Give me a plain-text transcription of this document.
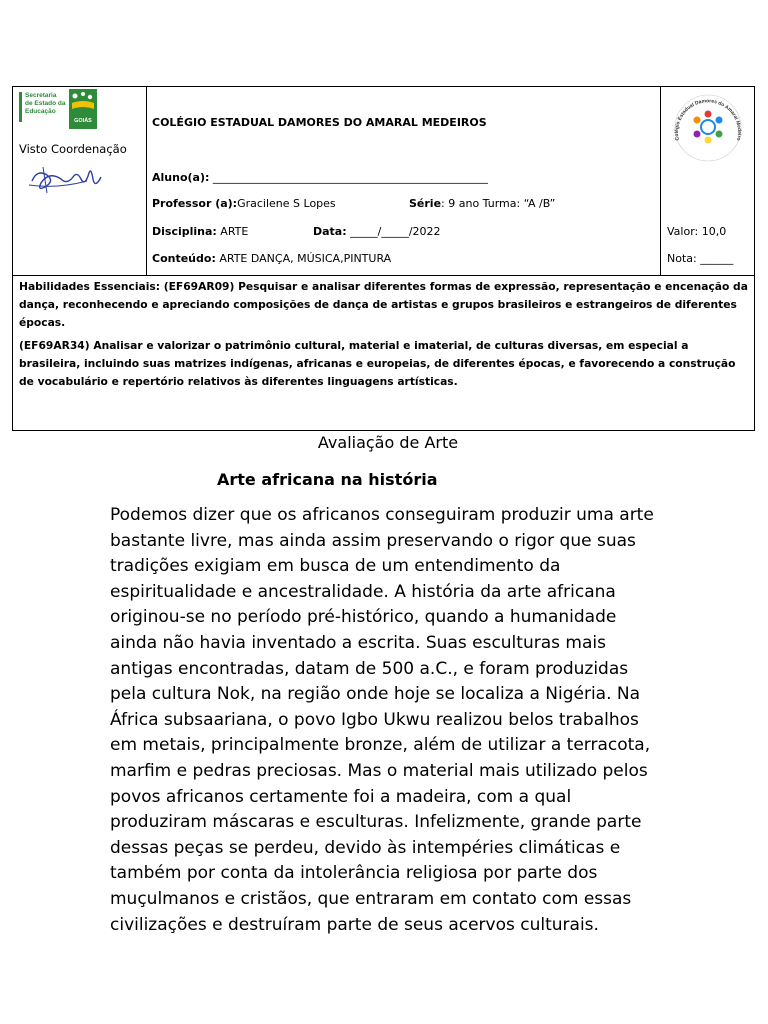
Secretaria
de Estado da
Educação
GOIÁS
Visto Coordenação
COLÉGIO ESTADUAL DAMORES DO AMARAL MEDEIROS
Aluno(a): __________________________________________________
Professor (a):Gracilene S Lopes	Série: 9 ano Turma: “A /B”
Disciplina: ARTE	Data: _____/_____/2022
Conteúdo: ARTE DANÇA, MÚSICA,PINTURA
Colégio Estadual Damores do Amaral Medeiro
Valor: 10,0
Nota: ______

Habilidades Essenciais: (EF69AR09) Pesquisar e analisar diferentes formas de expressão, representação e encenação da dança, reconhecendo e apreciando composições de dança de artistas e grupos brasileiros e estrangeiros de diferentes épocas.

(EF69AR34) Analisar e valorizar o patrimônio cultural, material e imaterial, de culturas diversas, em especial a brasileira, incluindo suas matrizes indígenas, africanas e europeias, de diferentes épocas, e favorecendo a construção de vocabulário e repertório relativos às diferentes linguagens artísticas.

Avaliação de Arte
Arte africana na história
Podemos dizer que os africanos conseguiram produzir uma arte bastante livre, mas ainda assim preservando o rigor que suas tradições exigiam em busca de um entendimento da espiritualidade e ancestralidade. A história da arte africana originou-se no período pré-histórico, quando a humanidade ainda não havia inventado a escrita. Suas esculturas mais antigas encontradas, datam de 500 a.C., e foram produzidas pela cultura Nok, na região onde hoje se localiza a Nigéria. Na África subsaariana, o povo Igbo Ukwu realizou belos trabalhos em metais, principalmente bronze, além de utilizar a terracota, marfim e pedras preciosas. Mas o material mais utilizado pelos povos africanos certamente foi a madeira, com a qual produziram máscaras e esculturas. Infelizmente, grande parte dessas peças se perdeu, devido às intempéries climáticas e também por conta da intolerância religiosa por parte dos muçulmanos e cristãos, que entraram em contato com essas civilizações e destruíram parte de seus acervos culturais.
